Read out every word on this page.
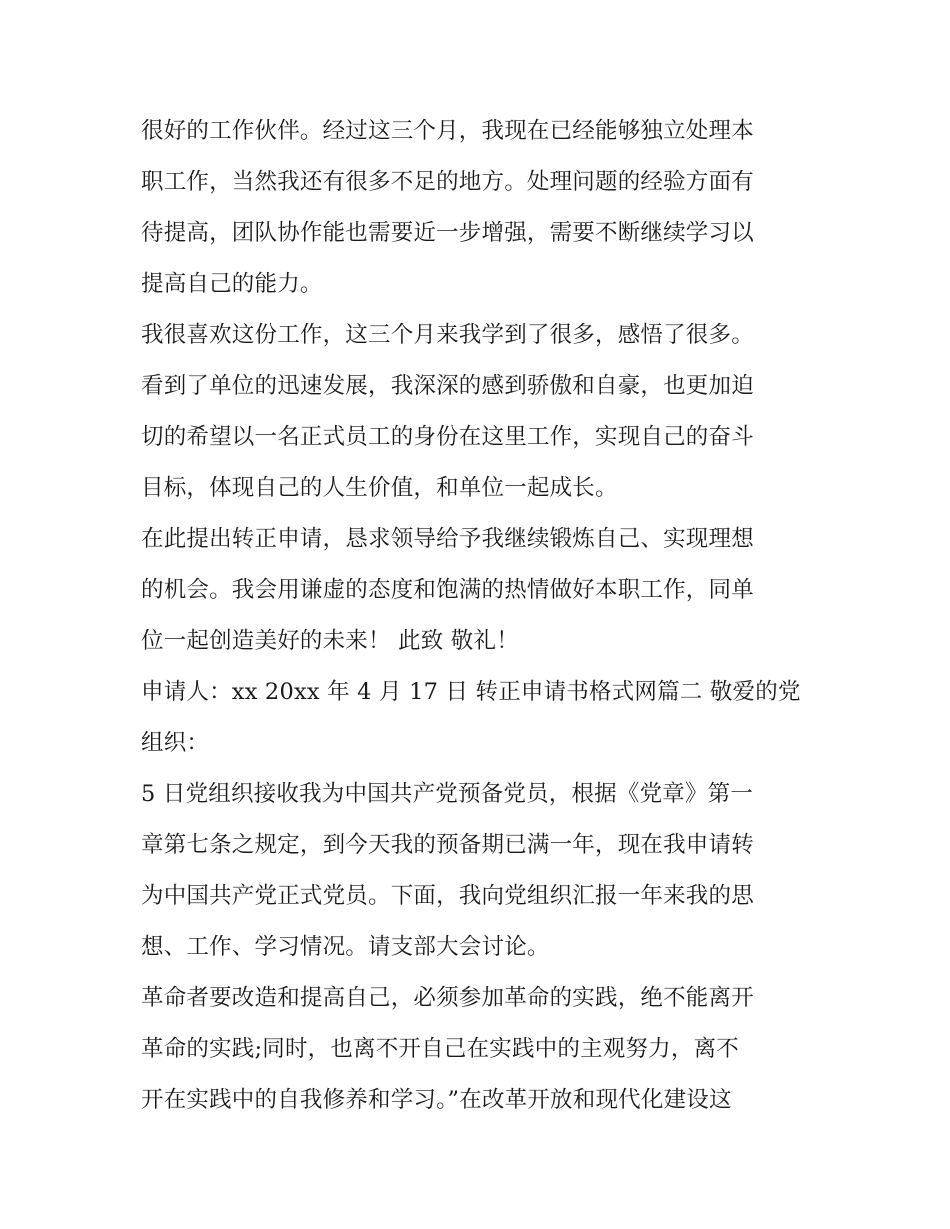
很好的工作伙伴。经过这三个月，我现在已经能够独立处理本
职工作，当然我还有很多不足的地方。处理问题的经验方面有
待提高，团队协作能也需要近一步增强，需要不断继续学习以
提高自己的能力。

我很喜欢这份工作，这三个月来我学到了很多，感悟了很多。
看到了单位的迅速发展，我深深的感到骄傲和自豪，也更加迫
切的希望以一名正式员工的身份在这里工作，实现自己的奋斗
目标，体现自己的人生价值，和单位一起成长。

在此提出转正申请，恳求领导给予我继续锻炼自己、实现理想
的机会。我会用谦虚的态度和饱满的热情做好本职工作，同单
位一起创造美好的未来！ 此致 敬礼！

申请人：xx 20xx 年 4 月 17 日 转正申请书格式网篇二 敬爱的党
组织：

5 日党组织接收我为中国共产党预备党员，根据《党章》第一
章第七条之规定，到今天我的预备期已满一年，现在我申请转
为中国共产党正式党员。下面，我向党组织汇报一年来我的思
想、工作、学习情况。请支部大会讨论。

革命者要改造和提高自己，必须参加革命的实践，绝不能离开
革命的实践;同时，也离不开自己在实践中的主观努力，离不
开在实践中的自我修养和学习。”在改革开放和现代化建设这
